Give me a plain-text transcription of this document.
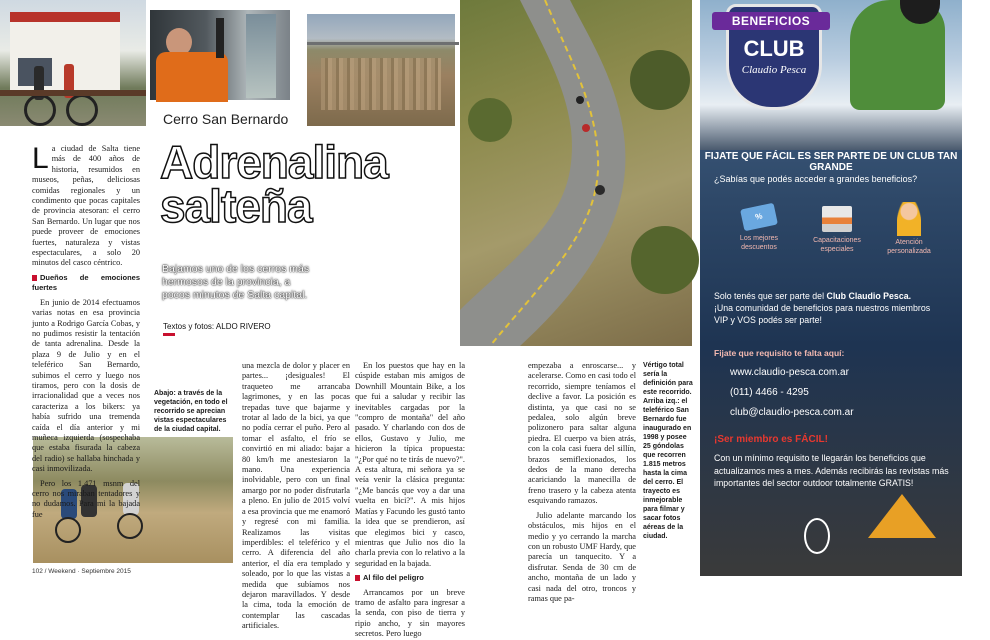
Cerro San Bernardo
Adrenalina
salteña
Bajamos uno de los cerros más hermosos de la provincia, a pocos minutos de Salta capital.
Textos y fotos: ALDO RIVERO

La ciudad de Salta tiene más de 400 años de historia, resumidos en museos, peñas, deliciosas comidas regionales y un condimento que pocas capitales de provincia atesoran: el cerro San Bernardo. Un lugar que nos puede proveer de emociones fuertes, naturaleza y vistas espectaculares, a solo 20 minutos del casco céntrico.

Dueños de emociones fuertes

En junio de 2014 efectuamos varias notas en esa provincia junto a Rodrigo García Cobas, y no pudimos resistir la tentación de tanta adrenalina. Desde la plaza 9 de Julio y en el teleférico San Bernardo, subimos el cerro y luego nos tiramos, pero con la dosis de irracionalidad que a veces nos caracteriza a los bikers: ya había sufrido una tremenda caída el día anterior y mi muñeca izquierda (sospechaba que estaba fisurada la cabeza del radio) se hallaba hinchada y casi inmovilizada.

Pero los 1.471 msnm del cerro nos miraban tentadores y no dudamos. Para mi la bajada fue

Abajo: a través de la vegetación, en todo el recorrido se aprecian vistas espectaculares de la ciudad capital.

una mezcla de dolor y placer en partes... ¡desiguales! El traqueteo me arrancaba lagrimones, y en las pocas trepadas tuve que bajarme y trotar al lado de la bici, ya que no podía cerrar el puño. Pero al tomar el asfalto, el frío se convirtió en mi aliado: bajar a 80 km/h me anestesiaron la mano. Una experiencia inolvidable, pero con un final amargo por no poder disfrutarla a pleno. En julio de 2015 volví a esa provincia que me enamoró y regresé con mi familia. Realizamos las visitas imperdibles: el teleférico y el cerro. A diferencia del año anterior, el día era templado y soleado, por lo que las vistas a medida que subíamos nos dejaron maravillados. Y desde la cima, toda la emoción de contemplar las cascadas artificiales.

En los puestos que hay en la cúspide estaban mis amigos de Downhill Mountain Bike, a los que fui a saludar y recibir las inevitables cargadas por la "compro de montaña" del año pasado. Y charlando con dos de ellos, Gustavo y Julio, me hicieron la típica propuesta: "¿Por qué no te tirás de nuevo?". A esta altura, mi señora ya se veía venir la clásica pregunta: "¿Me bancás que voy a dar una vuelta en bici?". A mis hijos Matías y Facundo les gustó tanto la idea que se prendieron, así que elegimos bici y casco, mientras que Julio nos dio la charla previa con lo relativo a la seguridad en la bajada.

Al filo del peligro

Arrancamos por un breve tramo de asfalto para ingresar a la senda, con piso de tierra y ripio ancho, y sin mayores secretos. Pero luego

empezaba a enroscarse... y acelerarse. Como en casi todo el recorrido, siempre teníamos el declive a favor. La posición es distinta, ya que casi no se pedalea, solo algún breve polizonero para saltar alguna piedra. El cuerpo va bien atrás, con la cola casi fuera del sillín, brazos semiflexionados, los dedos de la mano derecha acariciando la manecilla de freno trasero y la cabeza atenta esquivando ramazos.

Julio adelante marcando los obstáculos, mis hijos en el medio y yo cerrando la marcha con un robusto UMF Hardy, que parecía un tanquecito. Y a disfrutar. Senda de 30 cm de ancho, montaña de un lado y casi nada del otro, troncos y ramas que pa-

Vértigo total sería la definición para este recorrido. Arriba izq.: el teleférico San Bernardo fue inaugurado en 1998 y posee 25 góndolas que recorren 1.815 metros hasta la cima del cerro. El trayecto es inmejorable para filmar y sacar fotos aéreas de la ciudad.
102 / Weekend · Septiembre 2015
BENEFICIOS
CLUB
Claudio Pesca
FIJATE QUE FÁCIL ES SER PARTE DE UN CLUB TAN GRANDE
¿Sabías que podés acceder a grandes beneficios?
%
Los mejores descuentos
Capacitaciones especiales
Atención personalizada
Solo tenés que ser parte del Club Claudio Pesca.
¡Una comunidad de beneficios para nuestros miembros VIP y VOS podés ser parte!
Fijate que requisito te falta aquí:
www.claudio-pesca.com.ar
(011) 4466 - 4295
club@claudio-pesca.com.ar
¡Ser miembro es FÁCIL!
Con un mínimo requisito te llegarán los beneficios que actualizamos mes a mes. Además recibirás las revistas más importantes del sector outdoor totalmente GRATIS!
